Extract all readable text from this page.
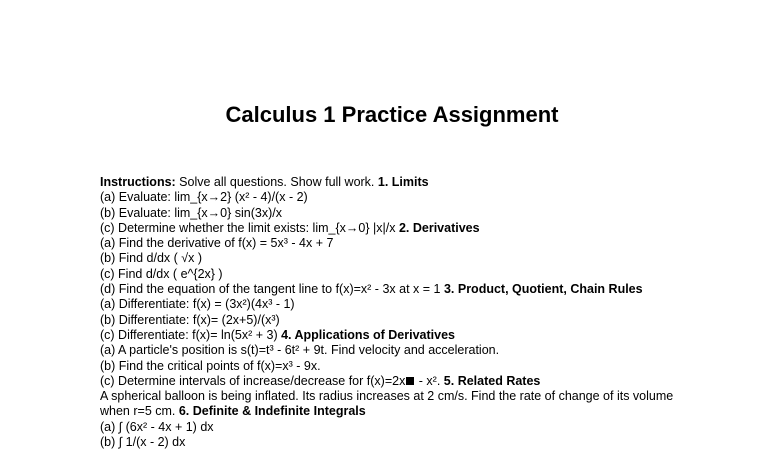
Calculus 1 Practice Assignment
Instructions: Solve all questions. Show full work. 1. Limits
(a) Evaluate: lim_{x→2} (x² - 4)/(x - 2)
(b) Evaluate: lim_{x→0} sin(3x)/x
(c) Determine whether the limit exists: lim_{x→0} |x|/x 2. Derivatives
(a) Find the derivative of f(x) = 5x³ - 4x + 7
(b) Find d/dx ( √x )
(c) Find d/dx ( e^{2x} )
(d) Find the equation of the tangent line to f(x)=x² - 3x at x = 1 3. Product, Quotient, Chain Rules
(a) Differentiate: f(x) = (3x²)(4x³ - 1)
(b) Differentiate: f(x)= (2x+5)/(x³)
(c) Differentiate: f(x)= ln(5x² + 3) 4. Applications of Derivatives
(a) A particle's position is s(t)=t³ - 6t² + 9t. Find velocity and acceleration.
(b) Find the critical points of f(x)=x³ - 9x.
(c) Determine intervals of increase/decrease for f(x)=2x - x². 5. Related Rates
A spherical balloon is being inflated. Its radius increases at 2 cm/s. Find the rate of change of its volume when r=5 cm. 6. Definite & Indefinite Integrals
(a) ∫ (6x² - 4x + 1) dx
(b) ∫ 1/(x - 2) dx
